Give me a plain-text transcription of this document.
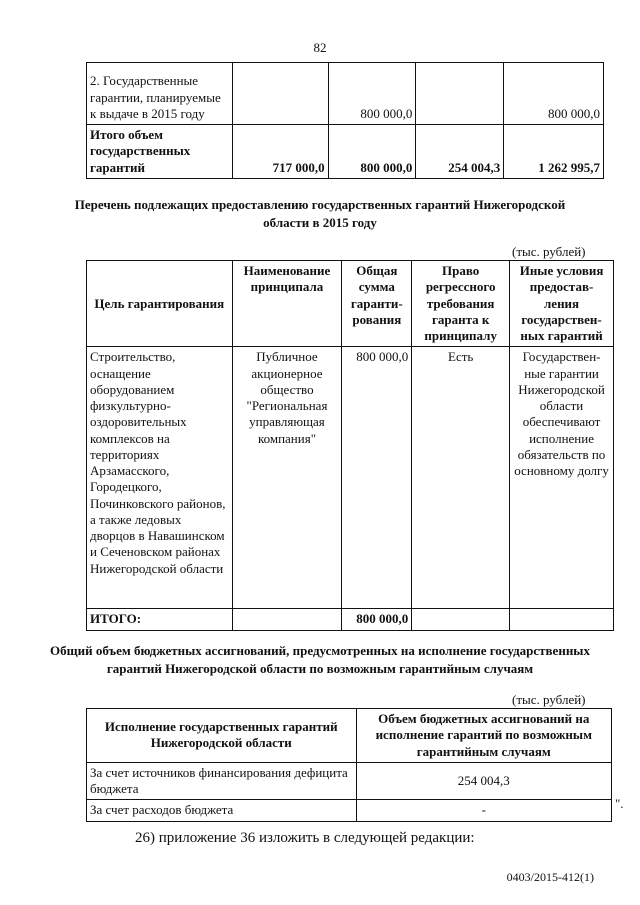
82
2. Государственные гарантии, планируемые к выдаче в 2015 году		800 000,0		800 000,0
Итого объем государственных гарантий	717 000,0	800 000,0	254 004,3	1 262 995,7
Перечень подлежащих предоставлению государственных гарантий Нижегородской области в 2015 году
(тыс. рублей)
Цель гарантирования	Наименование принципала	Общая сумма гаранти-рования	Право регрессного требования гаранта к принципалу	Иные условия предостав-ления государствен-ных гарантий
Строительство, оснащение оборудованием физкультурно-оздоровительных комплексов на территориях Арзамасского, Городецкого, Починковского районов, а также ледовых дворцов в Навашинском и Сеченовском районах Нижегородской области	Публичное акционерное общество "Региональная управляющая компания"	800 000,0	Есть	Государствен-ные гарантии Нижегородской области обеспечивают исполнение обязательств по основному долгу
ИТОГО:		800 000,0		
Общий объем бюджетных ассигнований, предусмотренных на исполнение государственных гарантий Нижегородской области по возможным гарантийным случаям
(тыс. рублей)
Исполнение государственных гарантий Нижегородской области	Объем бюджетных ассигнований на исполнение гарантий по возможным гарантийным случаям
За счет источников финансирования дефицита бюджета	254 004,3
За счет расходов бюджета	-	".
26) приложение 36 изложить в следующей редакции:
0403/2015-412(1)
